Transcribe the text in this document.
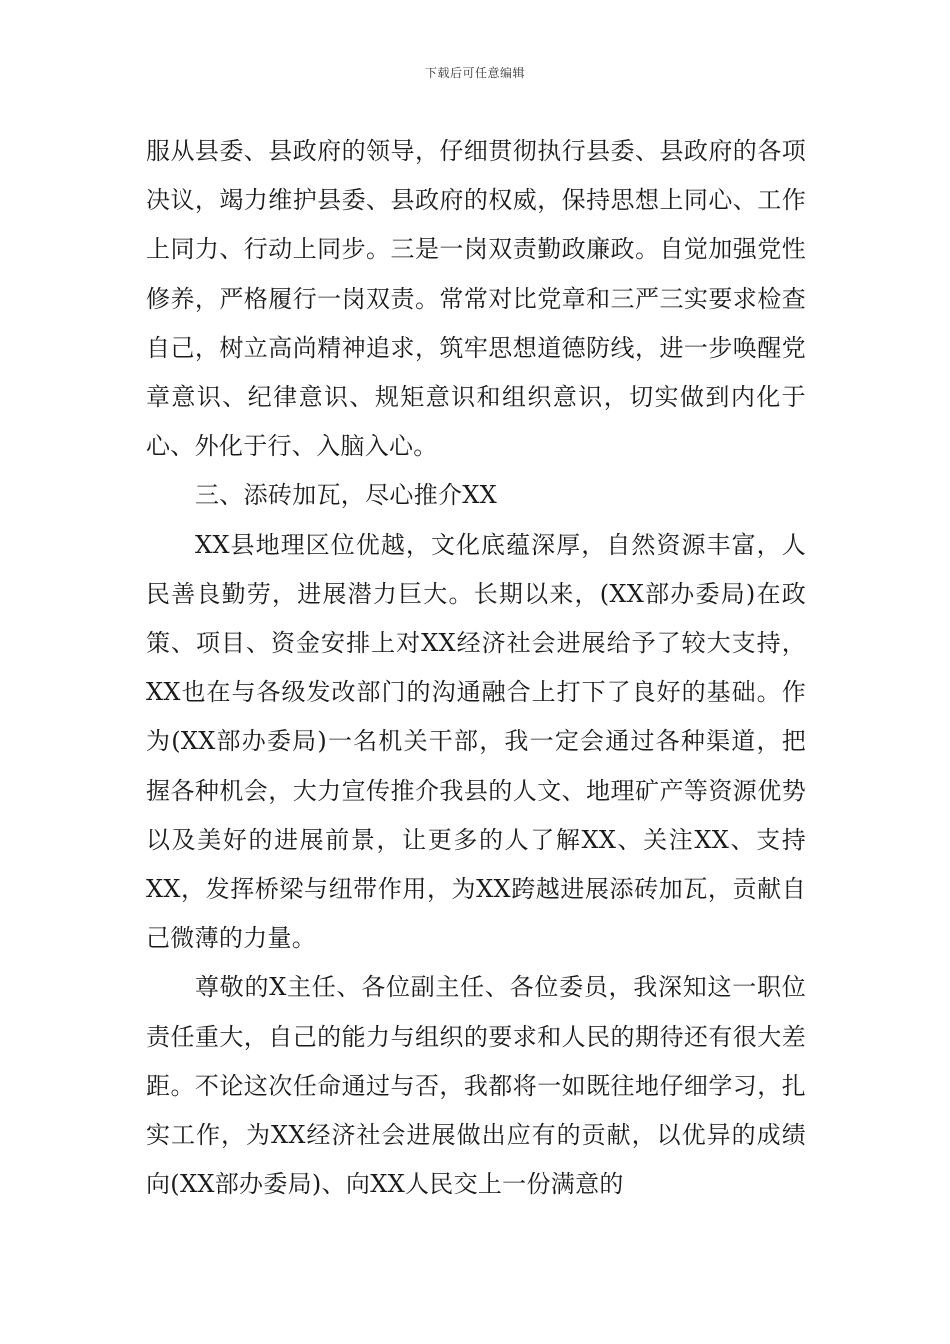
下载后可任意编辑

服从县委、县政府的领导，仔细贯彻执行县委、县政府的各项决议，竭力维护县委、县政府的权威，保持思想上同心、工作上同力、行动上同步。三是一岗双责勤政廉政。自觉加强党性修养，严格履行一岗双责。常常对比党章和三严三实要求检查自己，树立高尚精神追求，筑牢思想道德防线，进一步唤醒党章意识、纪律意识、规矩意识和组织意识，切实做到内化于心、外化于行、入脑入心。

三、添砖加瓦，尽心推介XX

XX县地理区位优越，文化底蕴深厚，自然资源丰富，人民善良勤劳，进展潜力巨大。长期以来，(XX部办委局)在政策、项目、资金安排上对XX经济社会进展给予了较大支持，XX也在与各级发改部门的沟通融合上打下了良好的基础。作为(XX部办委局)一名机关干部，我一定会通过各种渠道，把握各种机会，大力宣传推介我县的人文、地理矿产等资源优势以及美好的进展前景，让更多的人了解XX、关注XX、支持XX，发挥桥梁与纽带作用，为XX跨越进展添砖加瓦，贡献自己微薄的力量。

尊敬的X主任、各位副主任、各位委员，我深知这一职位责任重大，自己的能力与组织的要求和人民的期待还有很大差距。不论这次任命通过与否，我都将一如既往地仔细学习，扎实工作，为XX经济社会进展做出应有的贡献，以优异的成绩向(XX部办委局)、向XX人民交上一份满意的
